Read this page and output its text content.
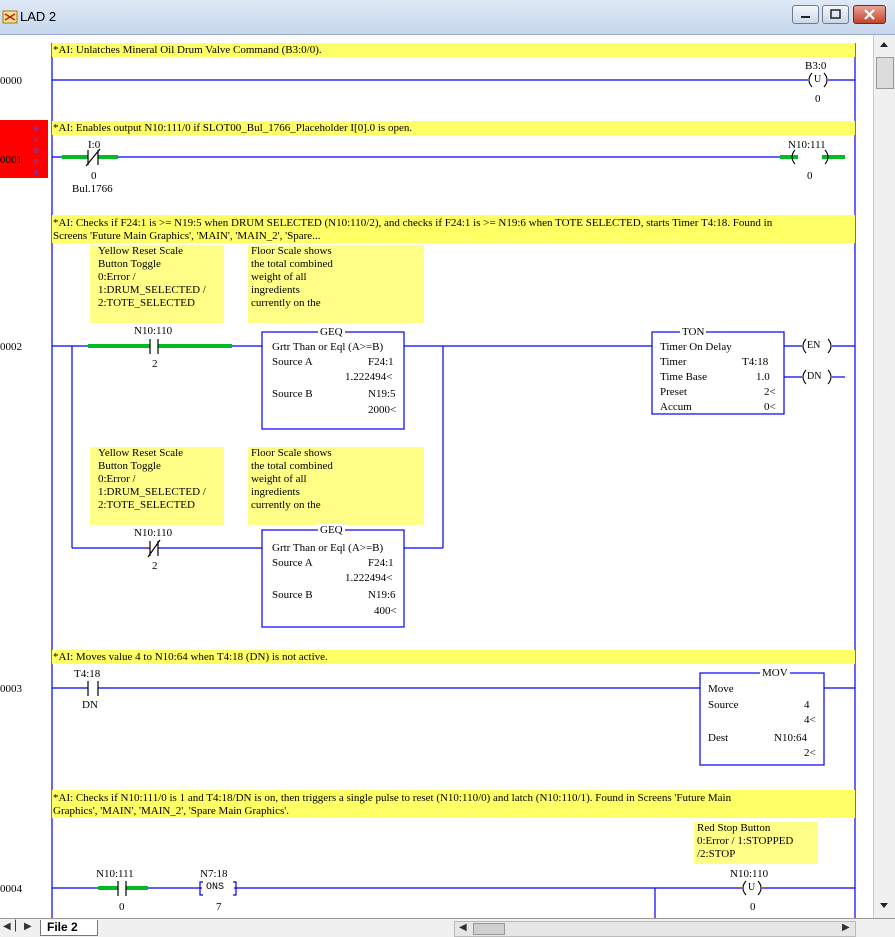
LAD 2
0000
0001
0002
0003
0004
e
e
e
e
e
*AI: Unlatches Mineral Oil Drum Valve Command (B3:0/0).
B3:0
U
0
*AI: Enables output N10:111/0 if SLOT00_Bul_1766_Placeholder I[0].0 is open.
I:0
0
Bul.1766
N10:111
0
*AI: Checks if F24:1 is >= N19:5 when DRUM SELECTED (N10:110/2), and checks if F24:1 is >= N19:6 when TOTE SELECTED, starts Timer T4:18. Found in
Screens 'Future Main Graphics', 'MAIN', 'MAIN_2', 'Spare...
Yellow Reset Scale
Button Toggle
0:Error /
1:DRUM_SELECTED /
2:TOTE_SELECTED
Floor Scale shows
the total combined
weight of all
ingredients
currently on the
N10:110
2
GEQ
Grtr Than or Eql (A>=B)
Source A	F24:1
1.222494<
Source B	N19:5
2000<
TON
Timer On Delay
Timer	T4:18
Time Base	1.0
Preset	2<
Accum	0<
EN
DN
Yellow Reset Scale
Button Toggle
0:Error /
1:DRUM_SELECTED /
2:TOTE_SELECTED
Floor Scale shows
the total combined
weight of all
ingredients
currently on the
N10:110
2
GEQ
Grtr Than or Eql (A>=B)
Source A	F24:1
1.222494<
Source B	N19:6
400<
*AI: Moves value 4 to N10:64 when T4:18 (DN) is not active.
T4:18
DN
MOV
Move
Source	4
4<
Dest	N10:64
2<
*AI: Checks if N10:111/0 is 1 and T4:18/DN is on, then triggers a single pulse to reset (N10:110/0) and latch (N10:110/1). Found in Screens 'Future Main
Graphics', 'MAIN', 'MAIN_2', 'Spare Main Graphics'.
Red Stop Button
0:Error / 1:STOPPED
/2:STOP
N10:111
0
N7:18
ONS
7
N10:110
U
0
◀ ▏ ▶	File 2	◀	▶
